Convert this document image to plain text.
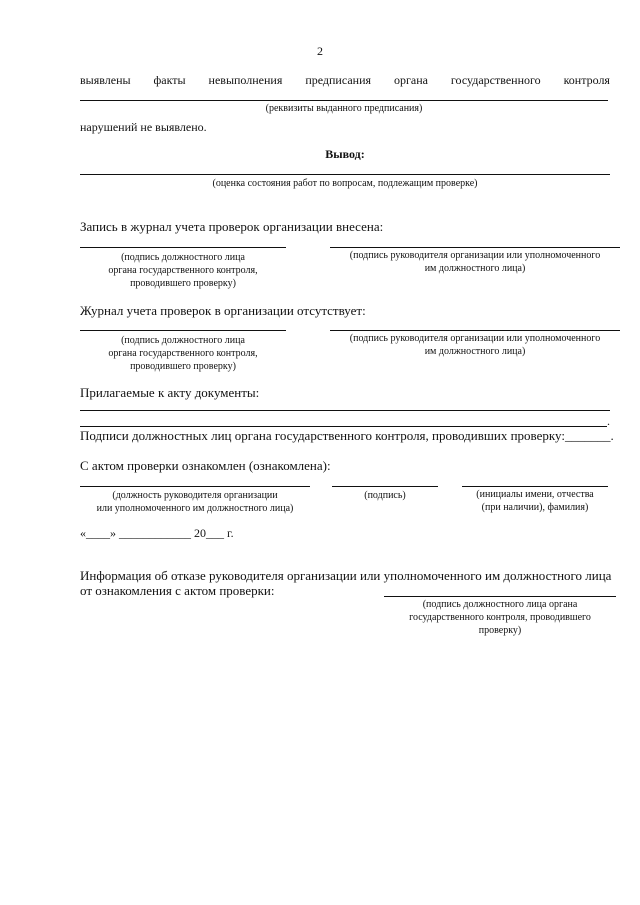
2
выявлены факты невыполнения предписания органа государственного контроля
(реквизиты выданного предписания)
нарушений не выявлено.
Вывод:
(оценка состояния работ по вопросам, подлежащим проверке)
Запись в журнал учета проверок организации внесена:
(подпись должностного лица
органа государственного контроля,
проводившего проверку)
(подпись руководителя организации или уполномоченного
им должностного лица)
Журнал учета проверок в организации отсутствует:
(подпись должностного лица
органа государственного контроля,
проводившего проверку)
(подпись руководителя организации или уполномоченного
им должностного лица)
Прилагаемые к акту документы:
.
Подписи должностных лиц органа государственного контроля, проводивших проверку:_______.
С актом проверки ознакомлен (ознакомлена):
(должность руководителя организации
или уполномоченного им должностного лица)
(подпись)	(инициалы имени, отчества
(при наличии), фамилия)
«____» ____________ 20___ г.
Информация об отказе руководителя организации или уполномоченного им должностного лица
от ознакомления с актом проверки:
(подпись должностного лица органа
государственного контроля, проводившего
проверку)
